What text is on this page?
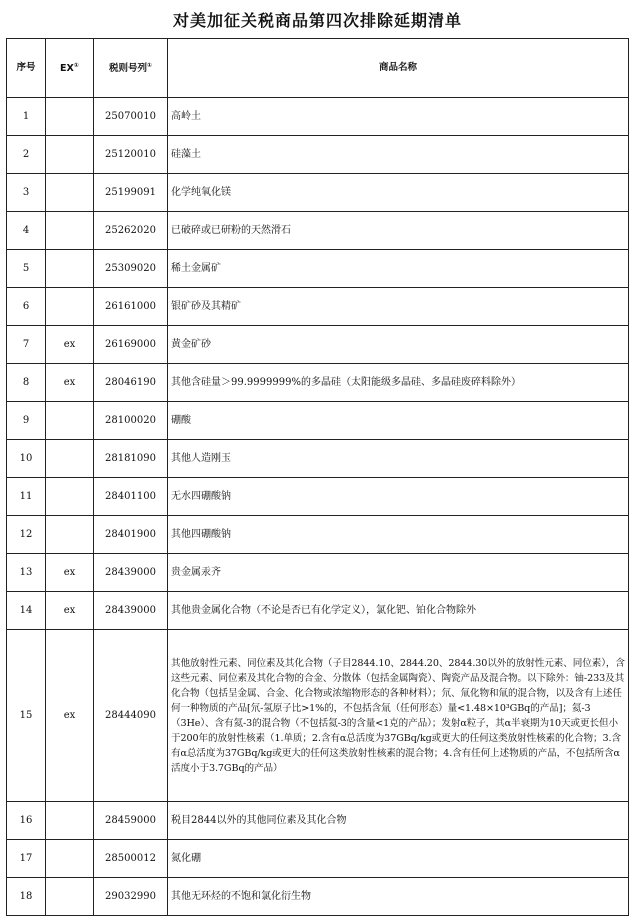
对美加征关税商品第四次排除延期清单
序号	EX①	税则号列①	商品名称
1		25070010	高岭土
2		25120010	硅藻土
3		25199091	化学纯氧化镁
4		25262020	已破碎或已研粉的天然滑石
5		25309020	稀土金属矿
6		26161000	银矿砂及其精矿
7	ex	26169000	黄金矿砂
8	ex	28046190	其他含硅量＞99.9999999%的多晶硅（太阳能级多晶硅、多晶硅废碎料除外）
9		28100020	硼酸
10		28181090	其他人造刚玉
11		28401100	无水四硼酸钠
12		28401900	其他四硼酸钠
13	ex	28439000	贵金属汞齐
14	ex	28439000	其他贵金属化合物（不论是否已有化学定义），氯化钯、铂化合物除外
15	ex	28444090	其他放射性元素、同位素及其化合物（子目2844.10、2844.20、2844.30以外的放射性元素、同位素），含这些元素、同位素及其化合物的合金、分散体（包括金属陶瓷）、陶瓷产品及混合物。以下除外：铀-233及其化合物（包括呈金属、合金、化合物或浓缩物形态的各种材料）；氘、氚化物和氚的混合物，以及含有上述任何一种物质的产品[氘-氢原子比>1%的，不包括含氚（任何形态）量<1.48×10³GBq的产品]；氦-3（3He）、含有氦-3的混合物（不包括氦-3的含量<1克的产品）；发射α粒子，其α半衰期为10天或更长但小于200年的放射性核素（1.单质；2.含有α总活度为37GBq/kg或更大的任何这类放射性核素的化合物；3.含有α总活度为37GBq/kg或更大的任何这类放射性核素的混合物；4.含有任何上述物质的产品，不包括所含α活度小于3.7GBq的产品）
16		28459000	税目2844以外的其他同位素及其化合物
17		28500012	氮化硼
18		29032990	其他无环烃的不饱和氯化衍生物
